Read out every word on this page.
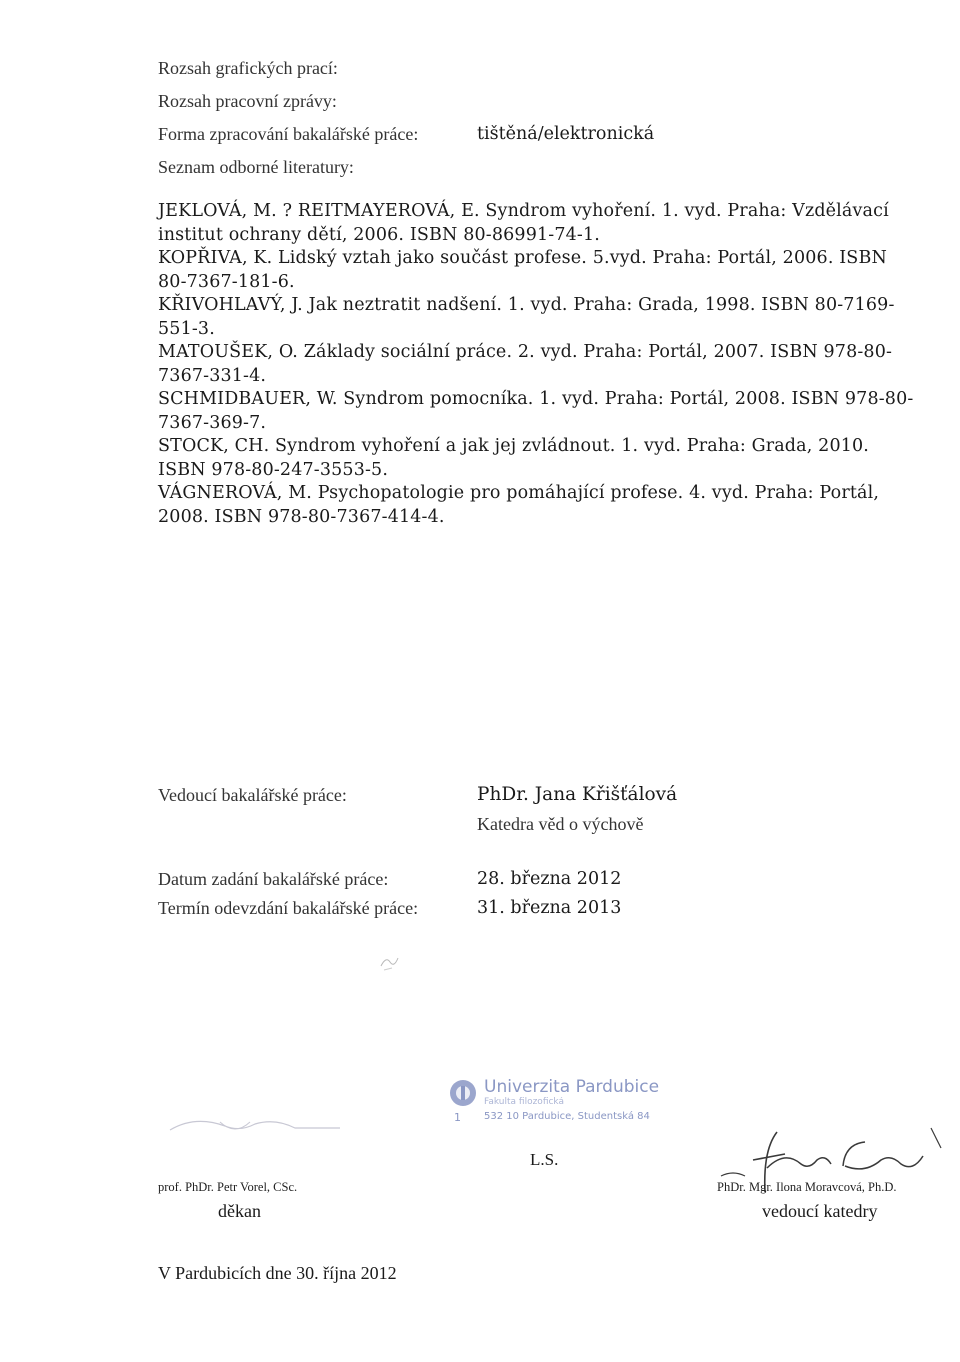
Rozsah grafických prací:
Rozsah pracovní zprávy:
Forma zpracování bakalářské práce:	tištěná/elektronická
Seznam odborné literatury:
JEKLOVÁ, M. ? REITMAYEROVÁ, E. Syndrom vyhoření. 1. vyd. Praha: Vzdělávací institut ochrany dětí, 2006. ISBN 80-86991-74-1.
KOPŘIVA, K. Lidský vztah jako součást profese. 5.vyd. Praha: Portál, 2006. ISBN 80-7367-181-6.
KŘIVOHLAVÝ, J. Jak neztratit nadšení. 1. vyd. Praha: Grada, 1998. ISBN 80-7169-551-3.
MATOUŠEK, O. Základy sociální práce. 2. vyd. Praha: Portál, 2007. ISBN 978-80-7367-331-4.
SCHMIDBAUER, W. Syndrom pomocníka. 1. vyd. Praha: Portál, 2008. ISBN 978-80-7367-369-7.
STOCK, CH. Syndrom vyhoření a jak jej zvládnout. 1. vyd. Praha: Grada, 2010. ISBN 978-80-247-3553-5.
VÁGNEROVÁ, M. Psychopatologie pro pomáhající profese. 4. vyd. Praha: Portál, 2008. ISBN 978-80-7367-414-4.
Vedoucí bakalářské práce:	PhDr. Jana Křišťálová
Katedra věd o výchově
Datum zadání bakalářské práce:	28. března 2012
Termín odevzdání bakalářské práce:	31. března 2013
Univerzita Pardubice
Fakulta filozofická
532 10 Pardubice, Studentská 84
1
L.S.
prof. PhDr. Petr Vorel, CSc.
děkan
PhDr. Mgr. Ilona Moravcová, Ph.D.
vedoucí katedry
V Pardubicích dne 30. října 2012
